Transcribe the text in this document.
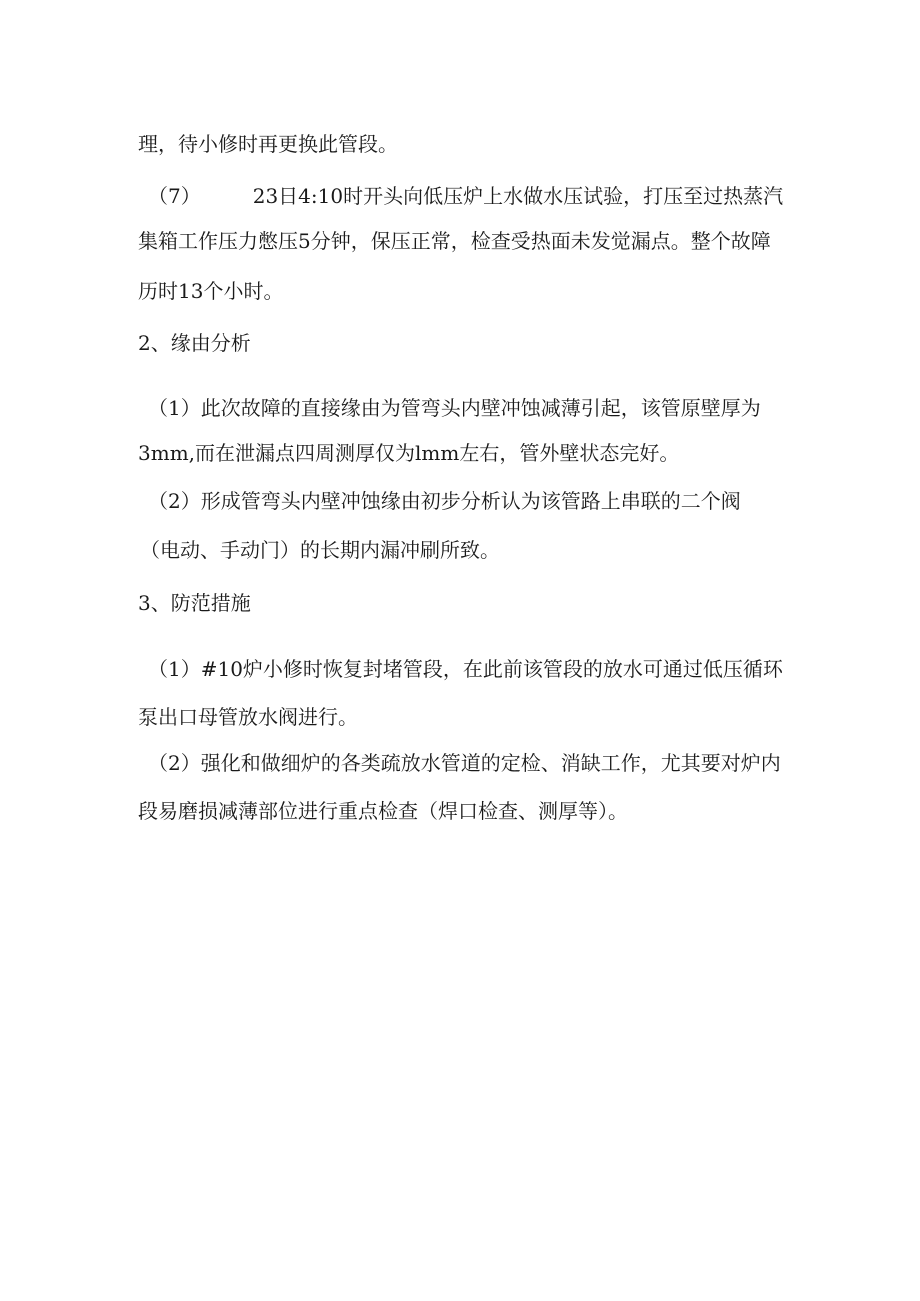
理，待小修时再更换此管段。
（7）	23日4:10时开头向低压炉上水做水压试验，打压至过热蒸汽
集箱工作压力憋压5分钟，保压正常，检查受热面未发觉漏点。整个故障
历时13个小时。
2、缘由分析
（1）此次故障的直接缘由为管弯头内壁冲蚀减薄引起，该管原壁厚为
3mm,而在泄漏点四周测厚仅为lmm左右，管外壁状态完好。
（2）形成管弯头内壁冲蚀缘由初步分析认为该管路上串联的二个阀
（电动、手动门）的长期内漏冲刷所致。
3、防范措施
（1）#10炉小修时恢复封堵管段，在此前该管段的放水可通过低压循环
泵出口母管放水阀进行。
（2）强化和做细炉的各类疏放水管道的定检、消缺工作，尤其要对炉内
段易磨损减薄部位进行重点检查（焊口检查、测厚等）。
